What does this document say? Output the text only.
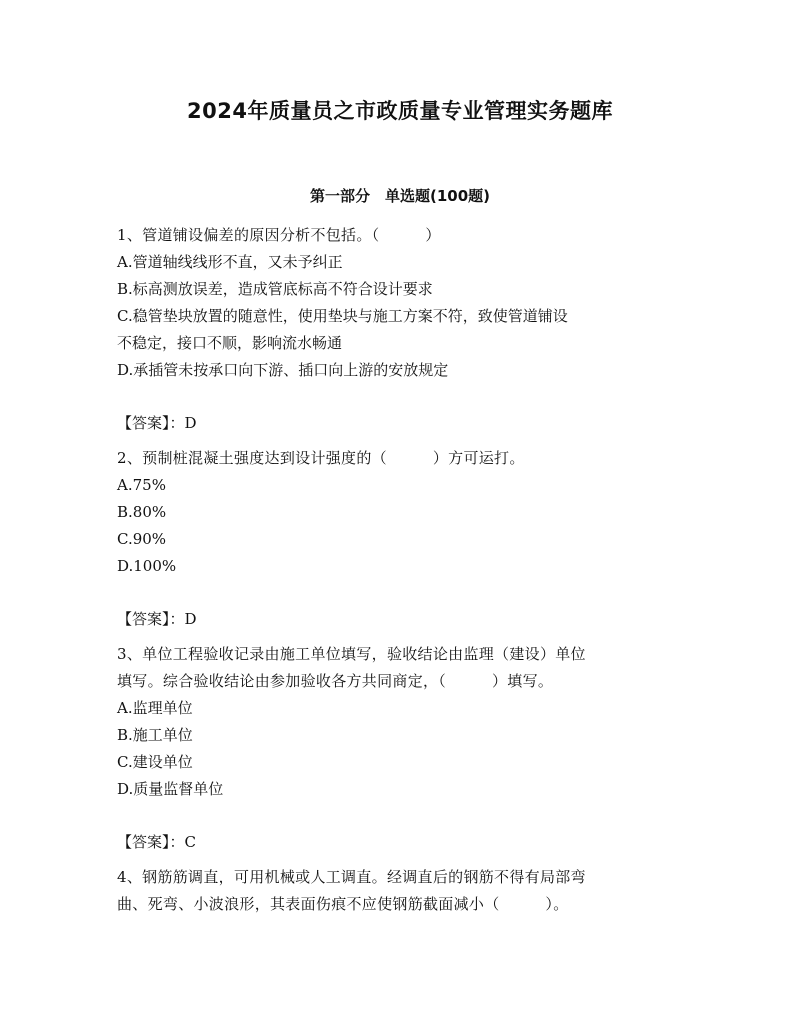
2024年质量员之市政质量专业管理实务题库
第一部分　单选题(100题)
1、管道铺设偏差的原因分析不包括。（　　　）
A.管道轴线线形不直，又未予纠正
B.标高测放误差，造成管底标高不符合设计要求
C.稳管垫块放置的随意性，使用垫块与施工方案不符，致使管道铺设
不稳定，接口不顺，影响流水畅通
D.承插管未按承口向下游、插口向上游的安放规定
【答案】：D
2、预制桩混凝土强度达到设计强度的（　　　）方可运打。
A.75%
B.80%
C.90%
D.100%
【答案】：D
3、单位工程验收记录由施工单位填写，验收结论由监理（建设）单位
填写。综合验收结论由参加验收各方共同商定，（　　　）填写。
A.监理单位
B.施工单位
C.建设单位
D.质量监督单位
【答案】：C
4、钢筋筋调直，可用机械或人工调直。经调直后的钢筋不得有局部弯
曲、死弯、小波浪形，其表面伤痕不应使钢筋截面减小（　　　）。
